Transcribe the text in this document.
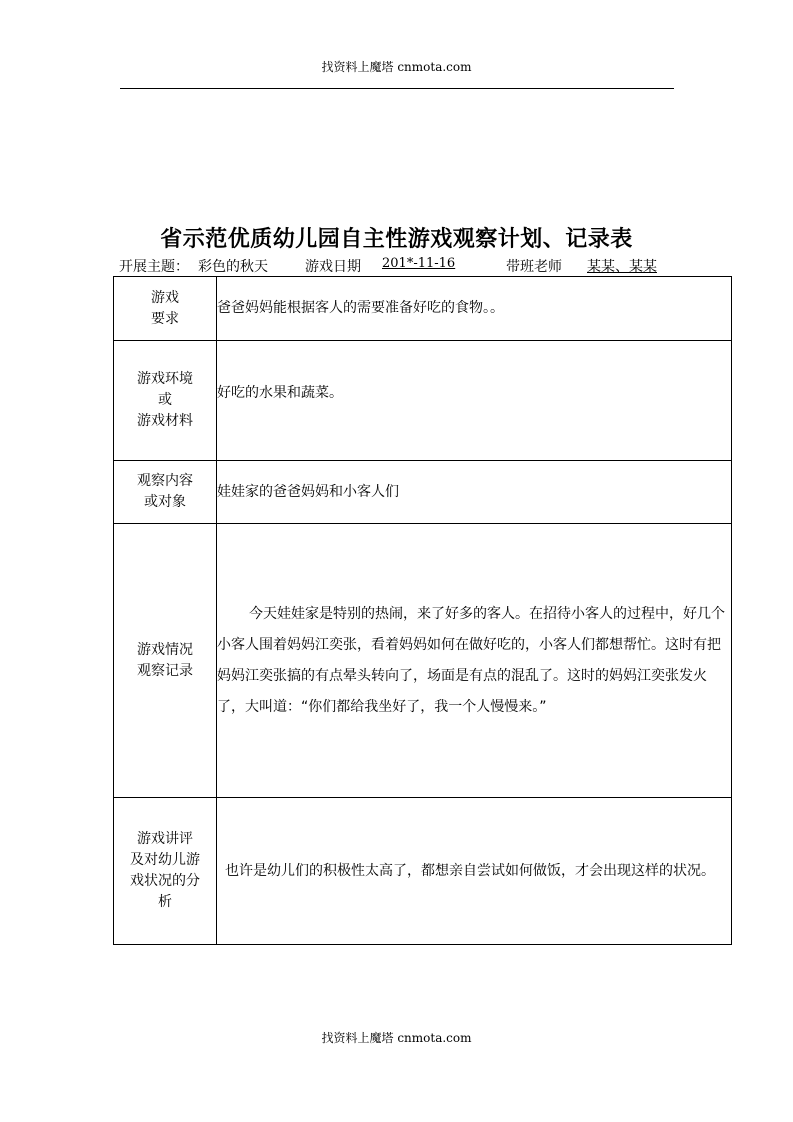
找资料上魔塔 cnmota.com
省示范优质幼儿园自主性游戏观察计划、记录表
开展主题： 彩色的秋天	游戏日期	201*-11-16	带班老师	某某、某某
游戏
要求	爸爸妈妈能根据客人的需要准备好吃的食物。。

游戏环境
或
游戏材料	好吃的水果和蔬菜。

观察内容
或对象	娃娃家的爸爸妈妈和小客人们

游戏情况
观察记录	今天娃娃家是特别的热闹，来了好多的客人。在招待小客人的过程中，好几个小客人围着妈妈江奕张，看着妈妈如何在做好吃的，小客人们都想帮忙。这时有把妈妈江奕张搞的有点晕头转向了，场面是有点的混乱了。这时的妈妈江奕张发火了，大叫道：“你们都给我坐好了，我一个人慢慢来。”

游戏讲评
及对幼儿游
戏状况的分
析	也许是幼儿们的积极性太高了，都想亲自尝试如何做饭，才会出现这样的状况。
找资料上魔塔 cnmota.com
